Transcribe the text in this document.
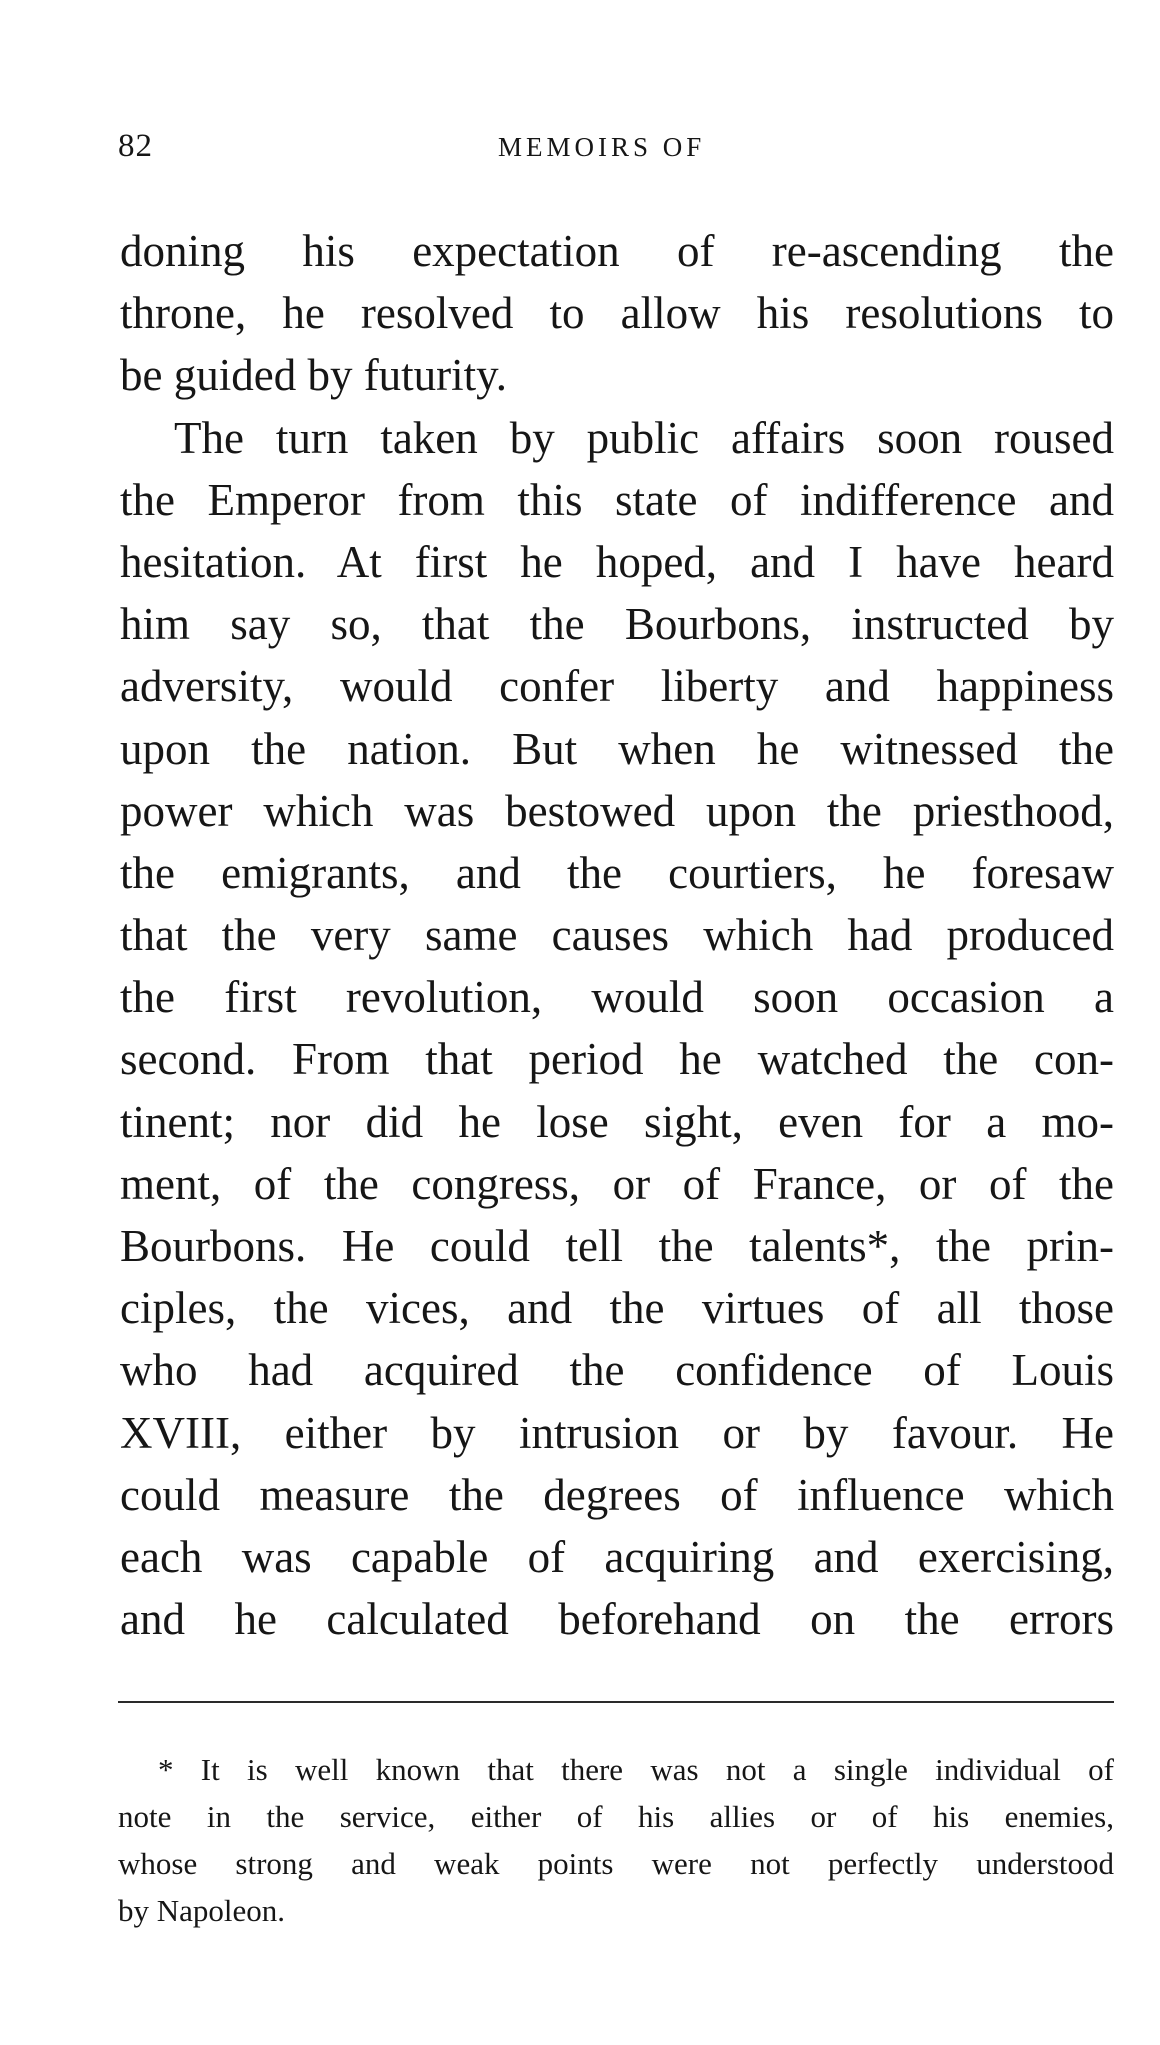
82	MEMOIRS OF
doning his expectation of re-ascending the
throne, he resolved to allow his resolutions to
be guided by futurity.
The turn taken by public affairs soon roused
the Emperor from this state of indifference and
hesitation. At first he hoped, and I have heard
him say so, that the Bourbons, instructed by
adversity, would confer liberty and happiness
upon the nation. But when he witnessed the
power which was bestowed upon the priesthood,
the emigrants, and the courtiers, he foresaw
that the very same causes which had produced
the first revolution, would soon occasion a
second. From that period he watched the con-
tinent; nor did he lose sight, even for a mo-
ment, of the congress, or of France, or of the
Bourbons. He could tell the talents*, the prin-
ciples, the vices, and the virtues of all those
who had acquired the confidence of Louis
XVIII, either by intrusion or by favour. He
could measure the degrees of influence which
each was capable of acquiring and exercising,
and he calculated beforehand on the errors
* It is well known that there was not a single individual of
note in the service, either of his allies or of his enemies,
whose strong and weak points were not perfectly understood
by Napoleon.
